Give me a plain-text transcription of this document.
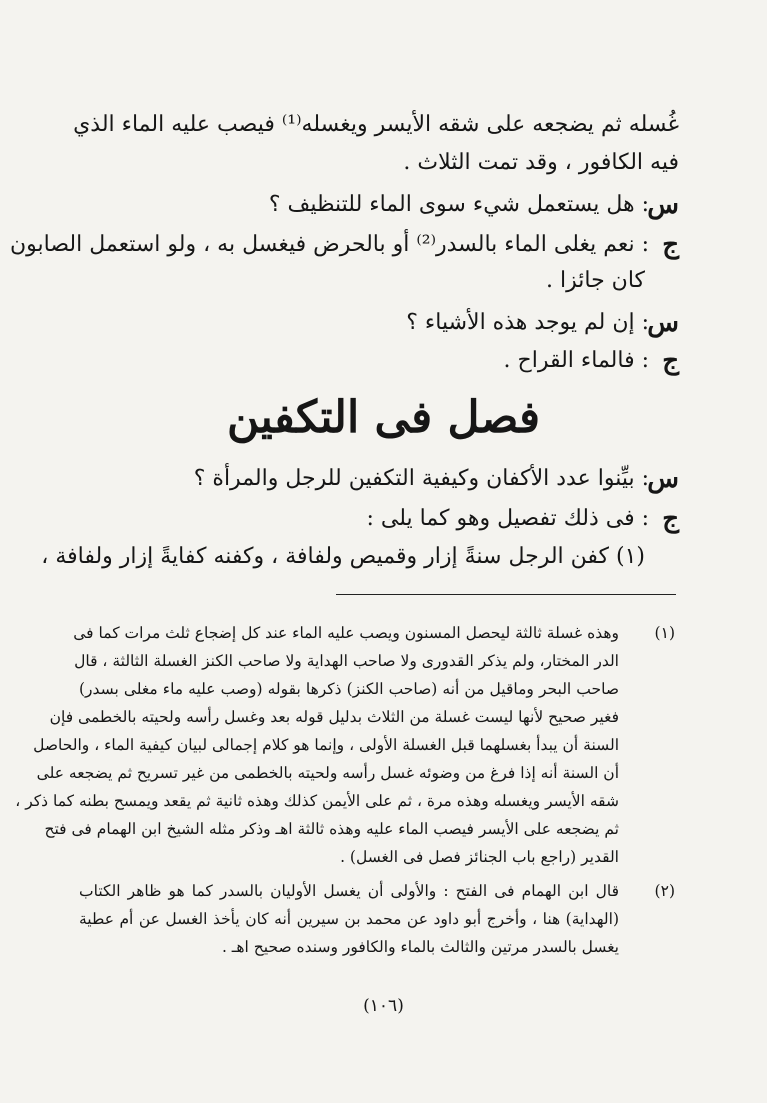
غُسله ثم يضجعه على شقه الأيسر ويغسله⁽¹⁾ فيصب عليه الماء الذي
فيه الكافور ، وقد تمت الثلاث .
س
: هل يستعمل شيء سوى الماء للتنظيف ؟
ج
: نعم يغلى الماء بالسدر⁽²⁾ أو بالحرض فيغسل به ، ولو استعمل الصابون
كان جائزا .
س
: إن لم يوجد هذه الأشياء ؟
ج
: فالماء القراح .
فصل فى التكفين
س
: بيِّنوا عدد الأكفان وكيفية التكفين للرجل والمرأة ؟
ج
: فى ذلك تفصيل وهو كما يلى :
(١) كفن الرجل سنةً إزار وقميص ولفافة ، وكفنه كفايةً إزار ولفافة ،
(١)
وهذه غسلة ثالثة ليحصل المسنون ويصب عليه الماء عند كل إضجاع ثلث مرات كما فى
الدر المختار، ولم يذكر القدورى ولا صاحب الهداية ولا صاحب الكنز الغسلة الثالثة ، قال
صاحب البحر وماقيل من أنه (صاحب الكنز) ذكرها بقوله (وصب عليه ماء مغلى بسدر)
فغير صحيح لأنها ليست غسلة من الثلاث بدليل قوله بعد وغسل رأسه ولحيته بالخطمى فإن
السنة أن يبدأ بغسلهما قبل الغسلة الأولى ، وإنما هو كلام إجمالى لبيان كيفية الماء ، والحاصل
أن السنة أنه إذا فرغ من وضوئه غسل رأسه ولحيته بالخطمى من غير تسريح ثم يضجعه على
شقه الأيسر ويغسله وهذه مرة ، ثم على الأيمن كذلك وهذه ثانية ثم يقعد ويمسح بطنه كما ذكر ،
ثم يضجعه على الأيسر فيصب الماء عليه وهذه ثالثة اهـ وذكر مثله الشيخ ابن الهمام فى فتح
القدير (راجع باب الجنائز فصل فى الغسل) .
(٢)
قال ابن الهمام فى الفتح : والأولى أن يغسل الأوليان بالسدر كما هو ظاهر الكتاب
(الهداية) هنا ، وأخرج أبو داود عن محمد بن سيرين أنه كان يأخذ الغسل عن أم عطية
يغسل بالسدر مرتين والثالث بالماء والكافور وسنده صحيح اهـ .
(١٠٦)
